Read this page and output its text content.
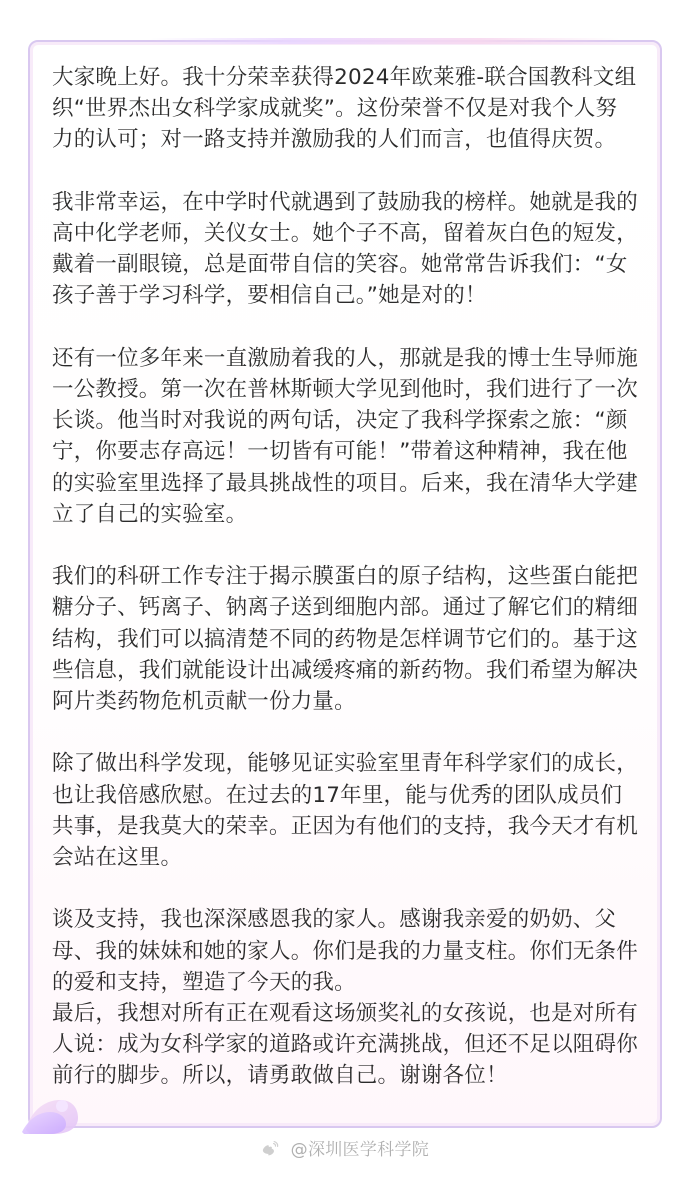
大家晚上好。我十分荣幸获得2024年欧莱雅-联合国教科文组织“世界杰出女科学家成就奖”。这份荣誉不仅是对我个人努力的认可；对一路支持并激励我的人们而言，也值得庆贺。

我非常幸运，在中学时代就遇到了鼓励我的榜样。她就是我的高中化学老师，关仪女士。她个子不高，留着灰白色的短发，戴着一副眼镜，总是面带自信的笑容。她常常告诉我们：“女孩子善于学习科学，要相信自己。”她是对的！

还有一位多年来一直激励着我的人，那就是我的博士生导师施一公教授。第一次在普林斯顿大学见到他时，我们进行了一次长谈。他当时对我说的两句话，决定了我科学探索之旅：“颜宁，你要志存高远！一切皆有可能！”带着这种精神，我在他的实验室里选择了最具挑战性的项目。后来，我在清华大学建立了自己的实验室。

我们的科研工作专注于揭示膜蛋白的原子结构，这些蛋白能把糖分子、钙离子、钠离子送到细胞内部。通过了解它们的精细结构，我们可以搞清楚不同的药物是怎样调节它们的。基于这些信息，我们就能设计出减缓疼痛的新药物。我们希望为解决阿片类药物危机贡献一份力量。

除了做出科学发现，能够见证实验室里青年科学家们的成长，也让我倍感欣慰。在过去的17年里，能与优秀的团队成员们共事，是我莫大的荣幸。正因为有他们的支持，我今天才有机会站在这里。

谈及支持，我也深深感恩我的家人。感谢我亲爱的奶奶、父母、我的妹妹和她的家人。你们是我的力量支柱。你们无条件的爱和支持，塑造了今天的我。

最后，我想对所有正在观看这场颁奖礼的女孩说，也是对所有人说：成为女科学家的道路或许充满挑战，但还不足以阻碍你前行的脚步。所以，请勇敢做自己。谢谢各位！

@深圳医学科学院
